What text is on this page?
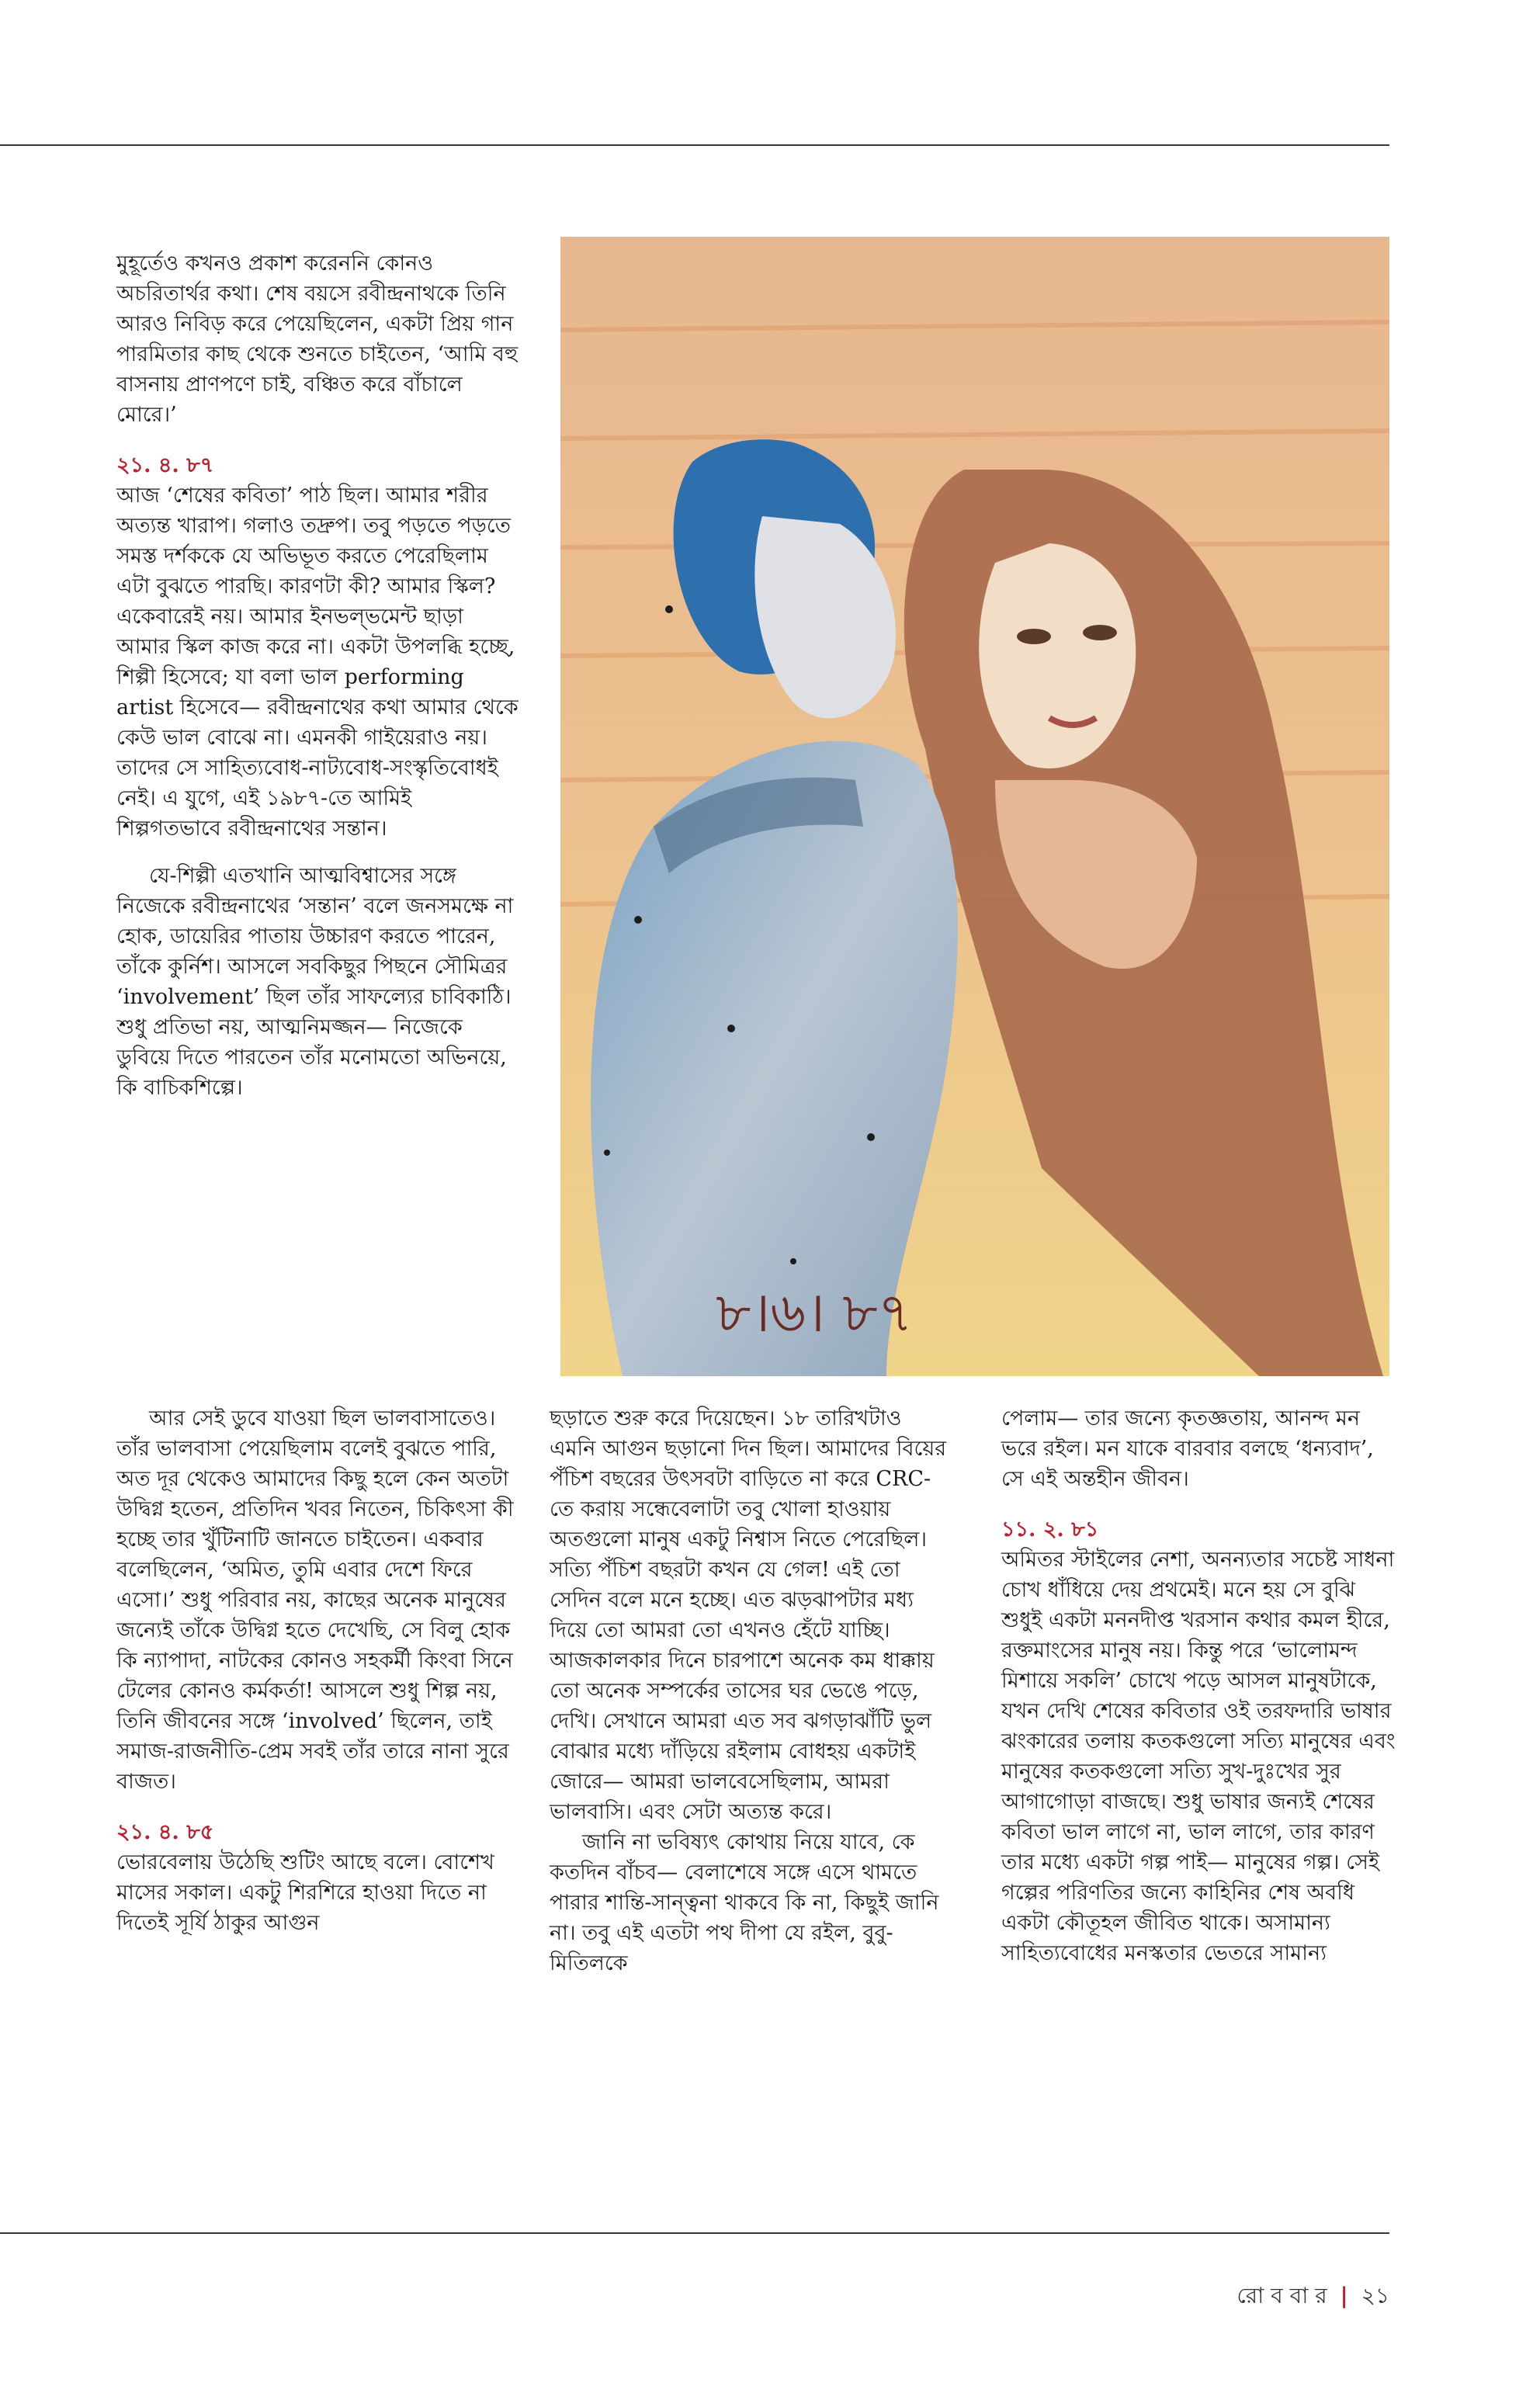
মুহূর্তেও কখনও প্রকাশ করেননি কোনও অচরিতার্থর কথা। শেষ বয়সে রবীন্দ্রনাথকে তিনি আরও নিবিড় করে পেয়েছিলেন, একটা প্রিয় গান পারমিতার কাছ থেকে শুনতে চাইতেন, ‘আমি বহু বাসনায় প্রাণপণে চাই, বঞ্চিত করে বাঁচালে মোরে।’

২১. ৪. ৮৭

আজ ‘শেষের কবিতা’ পাঠ ছিল। আমার শরীর অত্যন্ত খারাপ। গলাও তদ্রুপ। তবু পড়তে পড়তে সমস্ত দর্শককে যে অভিভূত করতে পেরেছিলাম এটা বুঝতে পারছি। কারণটা কী? আমার স্কিল? একেবারেই নয়। আমার ইনভল্‌ভমেন্ট ছাড়া আমার স্কিল কাজ করে না। একটা উপলব্ধি হচ্ছে, শিল্পী হিসেবে; যা বলা ভাল performing artist হিসেবে— রবীন্দ্রনাথের কথা আমার থেকে কেউ ভাল বোঝে না। এমনকী গাইয়েরাও নয়। তাদের সে সাহিত্যবোধ-নাট্যবোধ-সংস্কৃতিবোধই নেই। এ যুগে, এই ১৯৮৭-তে আমিই শিল্পগতভাবে রবীন্দ্রনাথের সন্তান।

যে-শিল্পী এতখানি আত্মবিশ্বাসের সঙ্গে নিজেকে রবীন্দ্রনাথের ‘সন্তান’ বলে জনসমক্ষে না হোক, ডায়েরির পাতায় উচ্চারণ করতে পারেন, তাঁকে কুর্নিশ। আসলে সবকিছুর পিছনে সৌমিত্রর ‘involvement’ ছিল তাঁর সাফল্যের চাবিকাঠি। শুধু প্রতিভা নয়, আত্মনিমজ্জন— নিজেকে ডুবিয়ে দিতে পারতেন তাঁর মনোমতো অভিনয়ে, কি বাচিকশিল্পে।

আর সেই ডুবে যাওয়া ছিল ভালবাসাতেও। তাঁর ভালবাসা পেয়েছিলাম বলেই বুঝতে পারি, অত দূর থেকেও আমাদের কিছু হলে কেন অতটা উদ্বিগ্ন হতেন, প্রতিদিন খবর নিতেন, চিকিৎসা কী হচ্ছে তার খুঁটিনাটি জানতে চাইতেন। একবার বলেছিলেন, ‘অমিত, তুমি এবার দেশে ফিরে এসো।’ শুধু পরিবার নয়, কাছের অনেক মানুষের জন্যেই তাঁকে উদ্বিগ্ন হতে দেখেছি, সে বিলু হোক কি ন্যাপাদা, নাটকের কোনও সহকর্মী কিংবা সিনে টেলের কোনও কর্মকর্তা! আসলে শুধু শিল্প নয়, তিনি জীবনের সঙ্গে ‘involved’ ছিলেন, তাই সমাজ-রাজনীতি-প্রেম সবই তাঁর তারে নানা সুরে বাজত।

২১. ৪. ৮৫

ভোরবেলায় উঠেছি শুটিং আছে বলে। বোশেখ মাসের সকাল। একটু শিরশিরে হাওয়া দিতে না দিতেই সূর্যি ঠাকুর আগুন

৮।৬। ৮৭

ছড়াতে শুরু করে দিয়েছেন। ১৮ তারিখটাও এমনি আগুন ছড়ানো দিন ছিল। আমাদের বিয়ের পঁচিশ বছরের উৎসবটা বাড়িতে না করে CRC-তে করায় সন্ধেবেলাটা তবু খোলা হাওয়ায় অতগুলো মানুষ একটু নিশ্বাস নিতে পেরেছিল। সত্যি পঁচিশ বছরটা কখন যে গেল! এই তো সেদিন বলে মনে হচ্ছে। এত ঝড়ঝাপটার মধ্য দিয়ে তো আমরা তো এখনও হেঁটে যাচ্ছি। আজকালকার দিনে চারপাশে অনেক কম ধাক্কায় তো অনেক সম্পর্কের তাসের ঘর ভেঙে পড়ে, দেখি। সেখানে আমরা এত সব ঝগড়াঝাঁটি ভুল বোঝার মধ্যে দাঁড়িয়ে রইলাম বোধহয় একটাই জোরে— আমরা ভালবেসেছিলাম, আমরা ভালবাসি। এবং সেটা অত্যন্ত করে।

জানি না ভবিষ্যৎ কোথায় নিয়ে যাবে, কে কতদিন বাঁচব— বেলাশেষে সঙ্গে এসে থামতে পারার শান্তি-সান্ত্বনা থাকবে কি না, কিছুই জানি না। তবু এই এতটা পথ দীপা যে রইল, বুবু-মিতিলকে

পেলাম— তার জন্যে কৃতজ্ঞতায়, আনন্দ মন ভরে রইল। মন যাকে বারবার বলছে ‘ধন্যবাদ’, সে এই অন্তহীন জীবন।

১১. ২. ৮১

অমিতর স্টাইলের নেশা, অনন্যতার সচেষ্ট সাধনা চোখ ধাঁধিয়ে দেয় প্রথমেই। মনে হয় সে বুঝি শুধুই একটা মননদীপ্ত খরসান কথার কমল হীরে, রক্তমাংসের মানুষ নয়। কিন্তু পরে ‘ভালোমন্দ মিশায়ে সকলি’ চোখে পড়ে আসল মানুষটাকে, যখন দেখি শেষের কবিতার ওই তরফদারি ভাষার ঝংকারের তলায় কতকগুলো সত্যি মানুষের এবং মানুষের কতকগুলো সত্যি সুখ-দুঃখের সুর আগাগোড়া বাজছে। শুধু ভাষার জন্যই শেষের কবিতা ভাল লাগে না, ভাল লাগে, তার কারণ তার মধ্যে একটা গল্প পাই— মানুষের গল্প। সেই গল্পের পরিণতির জন্যে কাহিনির শেষ অবধি একটা কৌতূহল জীবিত থাকে। অসামান্য সাহিত্যবোধের মনস্কতার ভেতরে সামান্য

রো ব বা র | ২১
